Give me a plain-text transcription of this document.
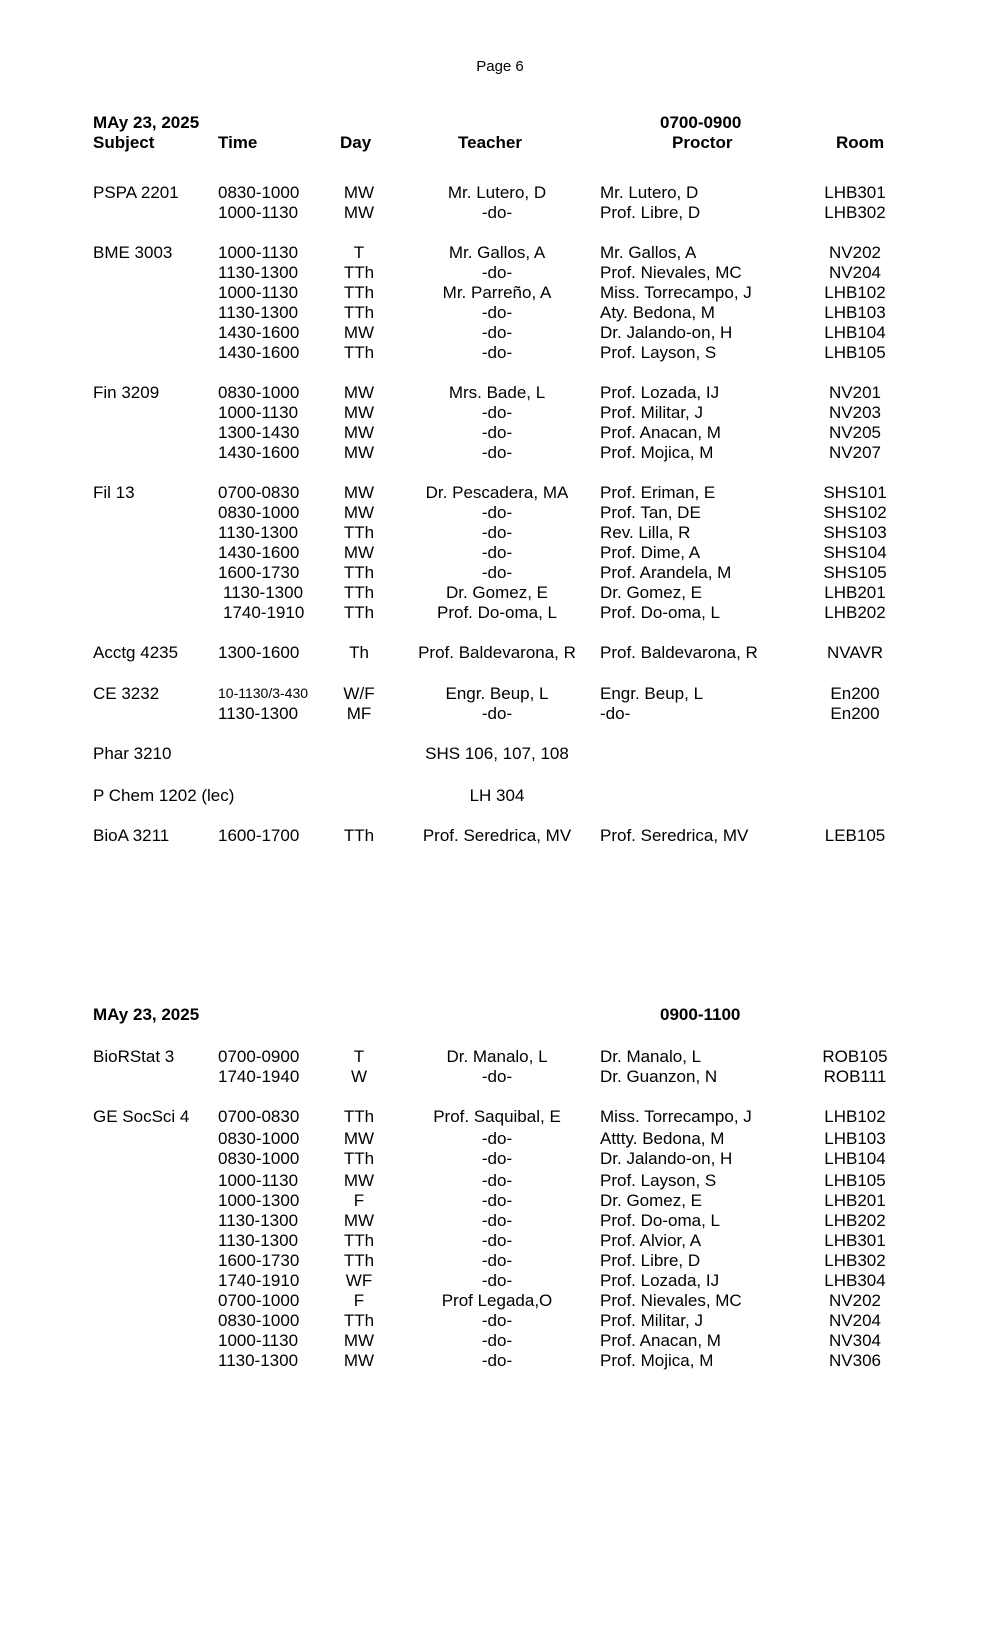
Page 6
MAy 23, 2025	0700-0900
Subject	Time	Day	Teacher	Proctor	Room
PSPA 2201 0830-1000	MW	Mr. Lutero, D	Mr. Lutero, D	LHB301
1000-1130	MW	-do-	Prof. Libre, D	LHB302
BME 3003	1000-1130	T	Mr. Gallos, A	Mr. Gallos, A	NV202
1130-1300	TTh	-do-	Prof. Nievales, MC	NV204
1000-1130	TTh	Mr. Parreño, A	Miss. Torrecampo, J	LHB102
1130-1300	TTh	-do-	Aty. Bedona, M	LHB103
1430-1600	MW	-do-	Dr. Jalando-on, H	LHB104
1430-1600	TTh	-do-	Prof. Layson, S	LHB105
Fin 3209	0830-1000	MW	Mrs. Bade, L	Prof. Lozada, IJ	NV201
1000-1130	MW	-do-	Prof. Militar, J	NV203
1300-1430	MW	-do-	Prof. Anacan, M	NV205
1430-1600	MW	-do-	Prof. Mojica, M	NV207
Fil 13	0700-0830	MW	Dr. Pescadera, MA	Prof. Eriman, E	SHS101
0830-1000	MW	-do-	Prof. Tan, DE	SHS102
1130-1300	TTh	-do-	Rev. Lilla, R	SHS103
1430-1600	MW	-do-	Prof. Dime, A	SHS104
1600-1730	TTh	-do-	Prof. Arandela, M	SHS105
1130-1300	TTh	Dr. Gomez, E	Dr. Gomez, E	LHB201
1740-1910	TTh	Prof. Do-oma, L	Prof. Do-oma, L	LHB202
Acctg 4235 1300-1600	Th	Prof. Baldevarona, R	Prof. Baldevarona, R	NVAVR
CE 3232	10-1130/3-430	W/F	Engr. Beup, L	Engr. Beup, L	En200
1130-1300	MF	-do-	-do-	En200
Phar 3210	SHS 106, 107, 108
P Chem 1202 (lec)	LH 304
BioA 3211	1600-1700	TTh	Prof. Seredrica, MV	Prof. Seredrica, MV	LEB105
MAy 23, 2025	0900-1100
BioRStat 3	0700-0900	T	Dr. Manalo, L	Dr. Manalo, L	ROB105
1740-1940	W	-do-	Dr. Guanzon, N	ROB111
GE SocSci 4 0700-0830	TTh	Prof. Saquibal, E	Miss. Torrecampo, J	LHB102
0830-1000	MW	-do-	Attty. Bedona, M	LHB103
0830-1000	TTh	-do-	Dr. Jalando-on, H	LHB104
1000-1130	MW	-do-	Prof. Layson, S	LHB105
1000-1300	F	-do-	Dr. Gomez, E	LHB201
1130-1300	MW	-do-	Prof. Do-oma, L	LHB202
1130-1300	TTh	-do-	Prof. Alvior, A	LHB301
1600-1730	TTh	-do-	Prof. Libre, D	LHB302
1740-1910	WF	-do-	Prof. Lozada, IJ	LHB304
0700-1000	F	Prof Legada,O	Prof. Nievales, MC	NV202
0830-1000	TTh	-do-	Prof. Militar, J	NV204
1000-1130	MW	-do-	Prof. Anacan, M	NV304
1130-1300	MW	-do-	Prof. Mojica, M	NV306
